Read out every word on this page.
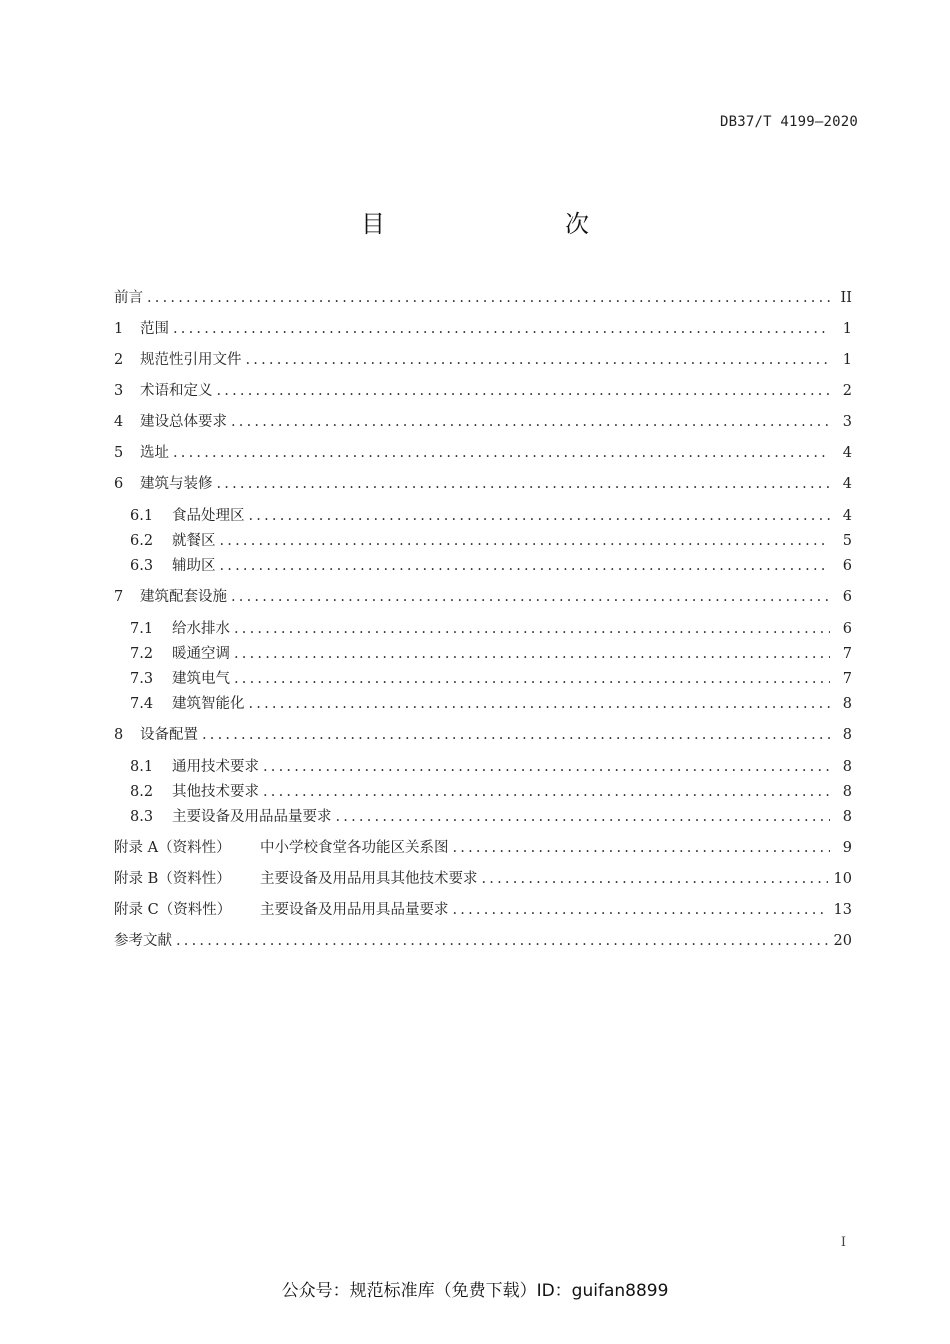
DB37/T 4199—2020
目　　次
前言 .....	II
1	范围 .....	1
2	规范性引用文件 .....	1
3	术语和定义 .....	2
4	建设总体要求 .....	3
5	选址 .....	4
6	建筑与装修 .....	4
6.1	食品处理区 .....	4
6.2	就餐区 .....	5
6.3	辅助区 .....	6
7	建筑配套设施 .....	6
7.1	给水排水 .....	6
7.2	暖通空调 .....	7
7.3	建筑电气 .....	7
7.4	建筑智能化 .....	8
8	设备配置 .....	8
8.1	通用技术要求 .....	8
8.2	其他技术要求 .....	8
8.3	主要设备及用品品量要求 .....	8
附录 A（资料性）	中小学校食堂各功能区关系图 .....	9
附录 B（资料性）	主要设备及用品用具其他技术要求 .....	10
附录 C（资料性）	主要设备及用品用具品量要求 .....	13
参考文献 .....	20
I
公众号：规范标准库（免费下载）ID：guifan8899
